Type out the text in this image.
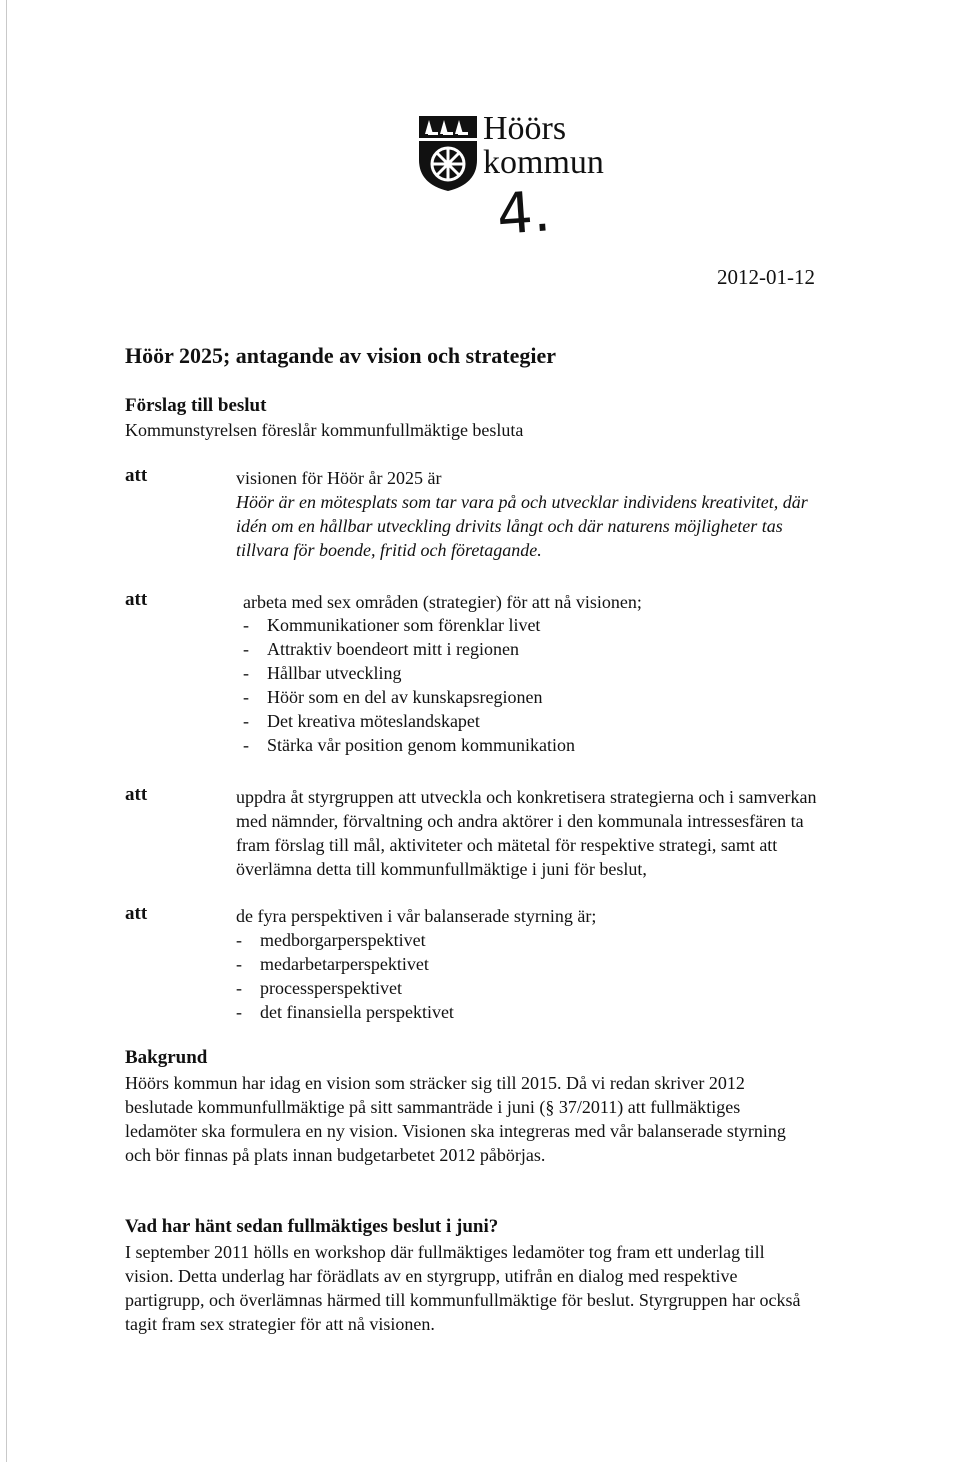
Höörs
kommun
4.
2012-01-12
Höör 2025; antagande av vision och strategier
Förslag till beslut
Kommunstyrelsen föreslår kommunfullmäktige besluta
att	visionen för Höör år 2025 är
Höör är en mötesplats som tar vara på och utvecklar individens kreativitet, där
idén om en hållbar utveckling drivits långt och där naturens möjligheter tas
tillvara för boende, fritid och företagande.
att	arbeta med sex områden (strategier) för att nå visionen;
- Kommunikationer som förenklar livet
- Attraktiv boendeort mitt i regionen
- Hållbar utveckling
- Höör som en del av kunskapsregionen
- Det kreativa möteslandskapet
- Stärka vår position genom kommunikation
att	uppdra åt styrgruppen att utveckla och konkretisera strategierna och i samverkan
med nämnder, förvaltning och andra aktörer i den kommunala intressesfären ta
fram förslag till mål, aktiviteter och mätetal för respektive strategi, samt att
överlämna detta till kommunfullmäktige i juni för beslut,
att	de fyra perspektiven i vår balanserade styrning är;
- medborgarperspektivet
- medarbetarperspektivet
- processperspektivet
- det finansiella perspektivet
Bakgrund
Höörs kommun har idag en vision som sträcker sig till 2015. Då vi redan skriver 2012
beslutade kommunfullmäktige på sitt sammanträde i juni (§ 37/2011) att fullmäktiges
ledamöter ska formulera en ny vision. Visionen ska integreras med vår balanserade styrning
och bör finnas på plats innan budgetarbetet 2012 påbörjas.
Vad har hänt sedan fullmäktiges beslut i juni?
I september 2011 hölls en workshop där fullmäktiges ledamöter tog fram ett underlag till
vision. Detta underlag har förädlats av en styrgrupp, utifrån en dialog med respektive
partigrupp, och överlämnas härmed till kommunfullmäktige för beslut. Styrgruppen har också
tagit fram sex strategier för att nå visionen.
